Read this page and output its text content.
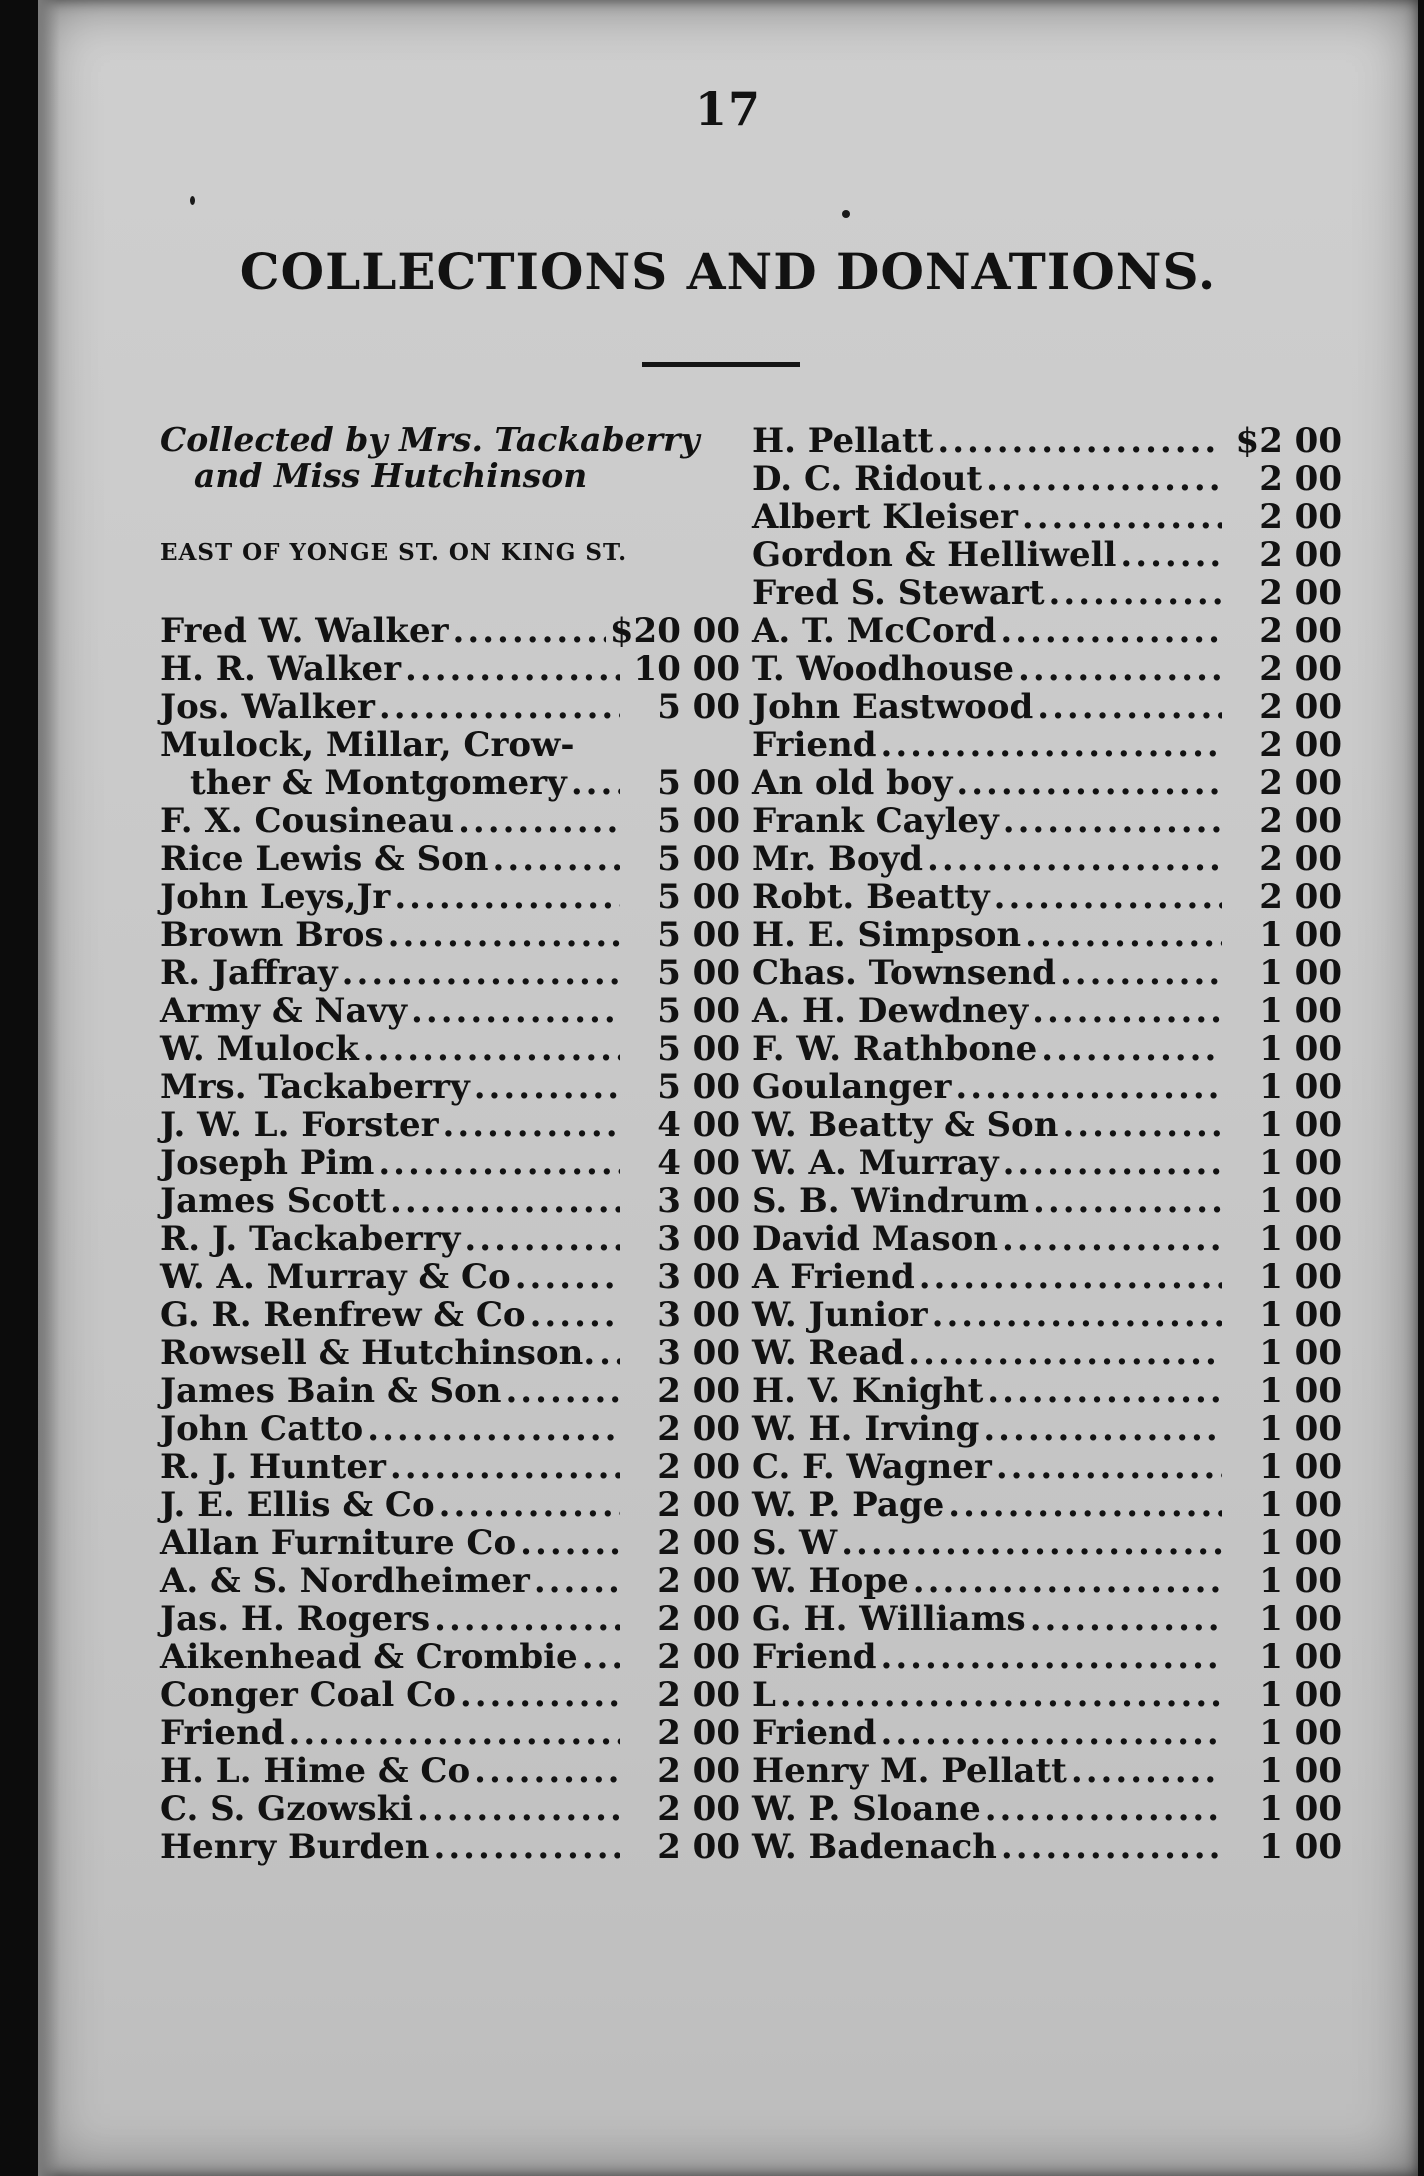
17
COLLECTIONS AND DONATIONS.
Collected by Mrs. Tackaberry
and Miss Hutchinson
EAST OF YONGE ST. ON KING ST.
Fred W. Walker .....	$20 00
H. R. Walker .....	10 00
Jos. Walker .....	5 00
Mulock, Millar, Crow-
ther & Montgomery .....	5 00
F. X. Cousineau .....	5 00
Rice Lewis & Son .....	5 00
John Leys,Jr .....	5 00
Brown Bros .....	5 00
R. Jaffray .....	5 00
Army & Navy .....	5 00
W. Mulock .....	5 00
Mrs. Tackaberry .....	5 00
J. W. L. Forster .....	4 00
Joseph Pim .....	4 00
James Scott .....	3 00
R. J. Tackaberry .....	3 00
W. A. Murray & Co .....	3 00
G. R. Renfrew & Co .....	3 00
Rowsell & Hutchinson. .....	3 00
James Bain & Son .....	2 00
John Catto .....	2 00
R. J. Hunter .....	2 00
J. E. Ellis & Co .....	2 00
Allan Furniture Co .....	2 00
A. & S. Nordheimer .....	2 00
Jas. H. Rogers .....	2 00
Aikenhead & Crombie .....	2 00
Conger Coal Co .....	2 00
Friend .....	2 00
H. L. Hime & Co .....	2 00
C. S. Gzowski .....	2 00
Henry Burden .....	2 00
H. Pellatt .....	$2 00
D. C. Ridout .....	2 00
Albert Kleiser .....	2 00
Gordon & Helliwell .....	2 00
Fred S. Stewart .....	2 00
A. T. McCord .....	2 00
T. Woodhouse .....	2 00
John Eastwood .....	2 00
Friend .....	2 00
An old boy .....	2 00
Frank Cayley .....	2 00
Mr. Boyd .....	2 00
Robt. Beatty .....	2 00
H. E. Simpson .....	1 00
Chas. Townsend .....	1 00
A. H. Dewdney .....	1 00
F. W. Rathbone .....	1 00
Goulanger .....	1 00
W. Beatty & Son .....	1 00
W. A. Murray .....	1 00
S. B. Windrum .....	1 00
David Mason .....	1 00
A Friend .....	1 00
W. Junior .....	1 00
W. Read .....	1 00
H. V. Knight .....	1 00
W. H. Irving .....	1 00
C. F. Wagner .....	1 00
W. P. Page .....	1 00
S. W .....	1 00
W. Hope .....	1 00
G. H. Williams .....	1 00
Friend .....	1 00
L .....	1 00
Friend .....	1 00
Henry M. Pellatt .....	1 00
W. P. Sloane .....	1 00
W. Badenach .....	1 00
